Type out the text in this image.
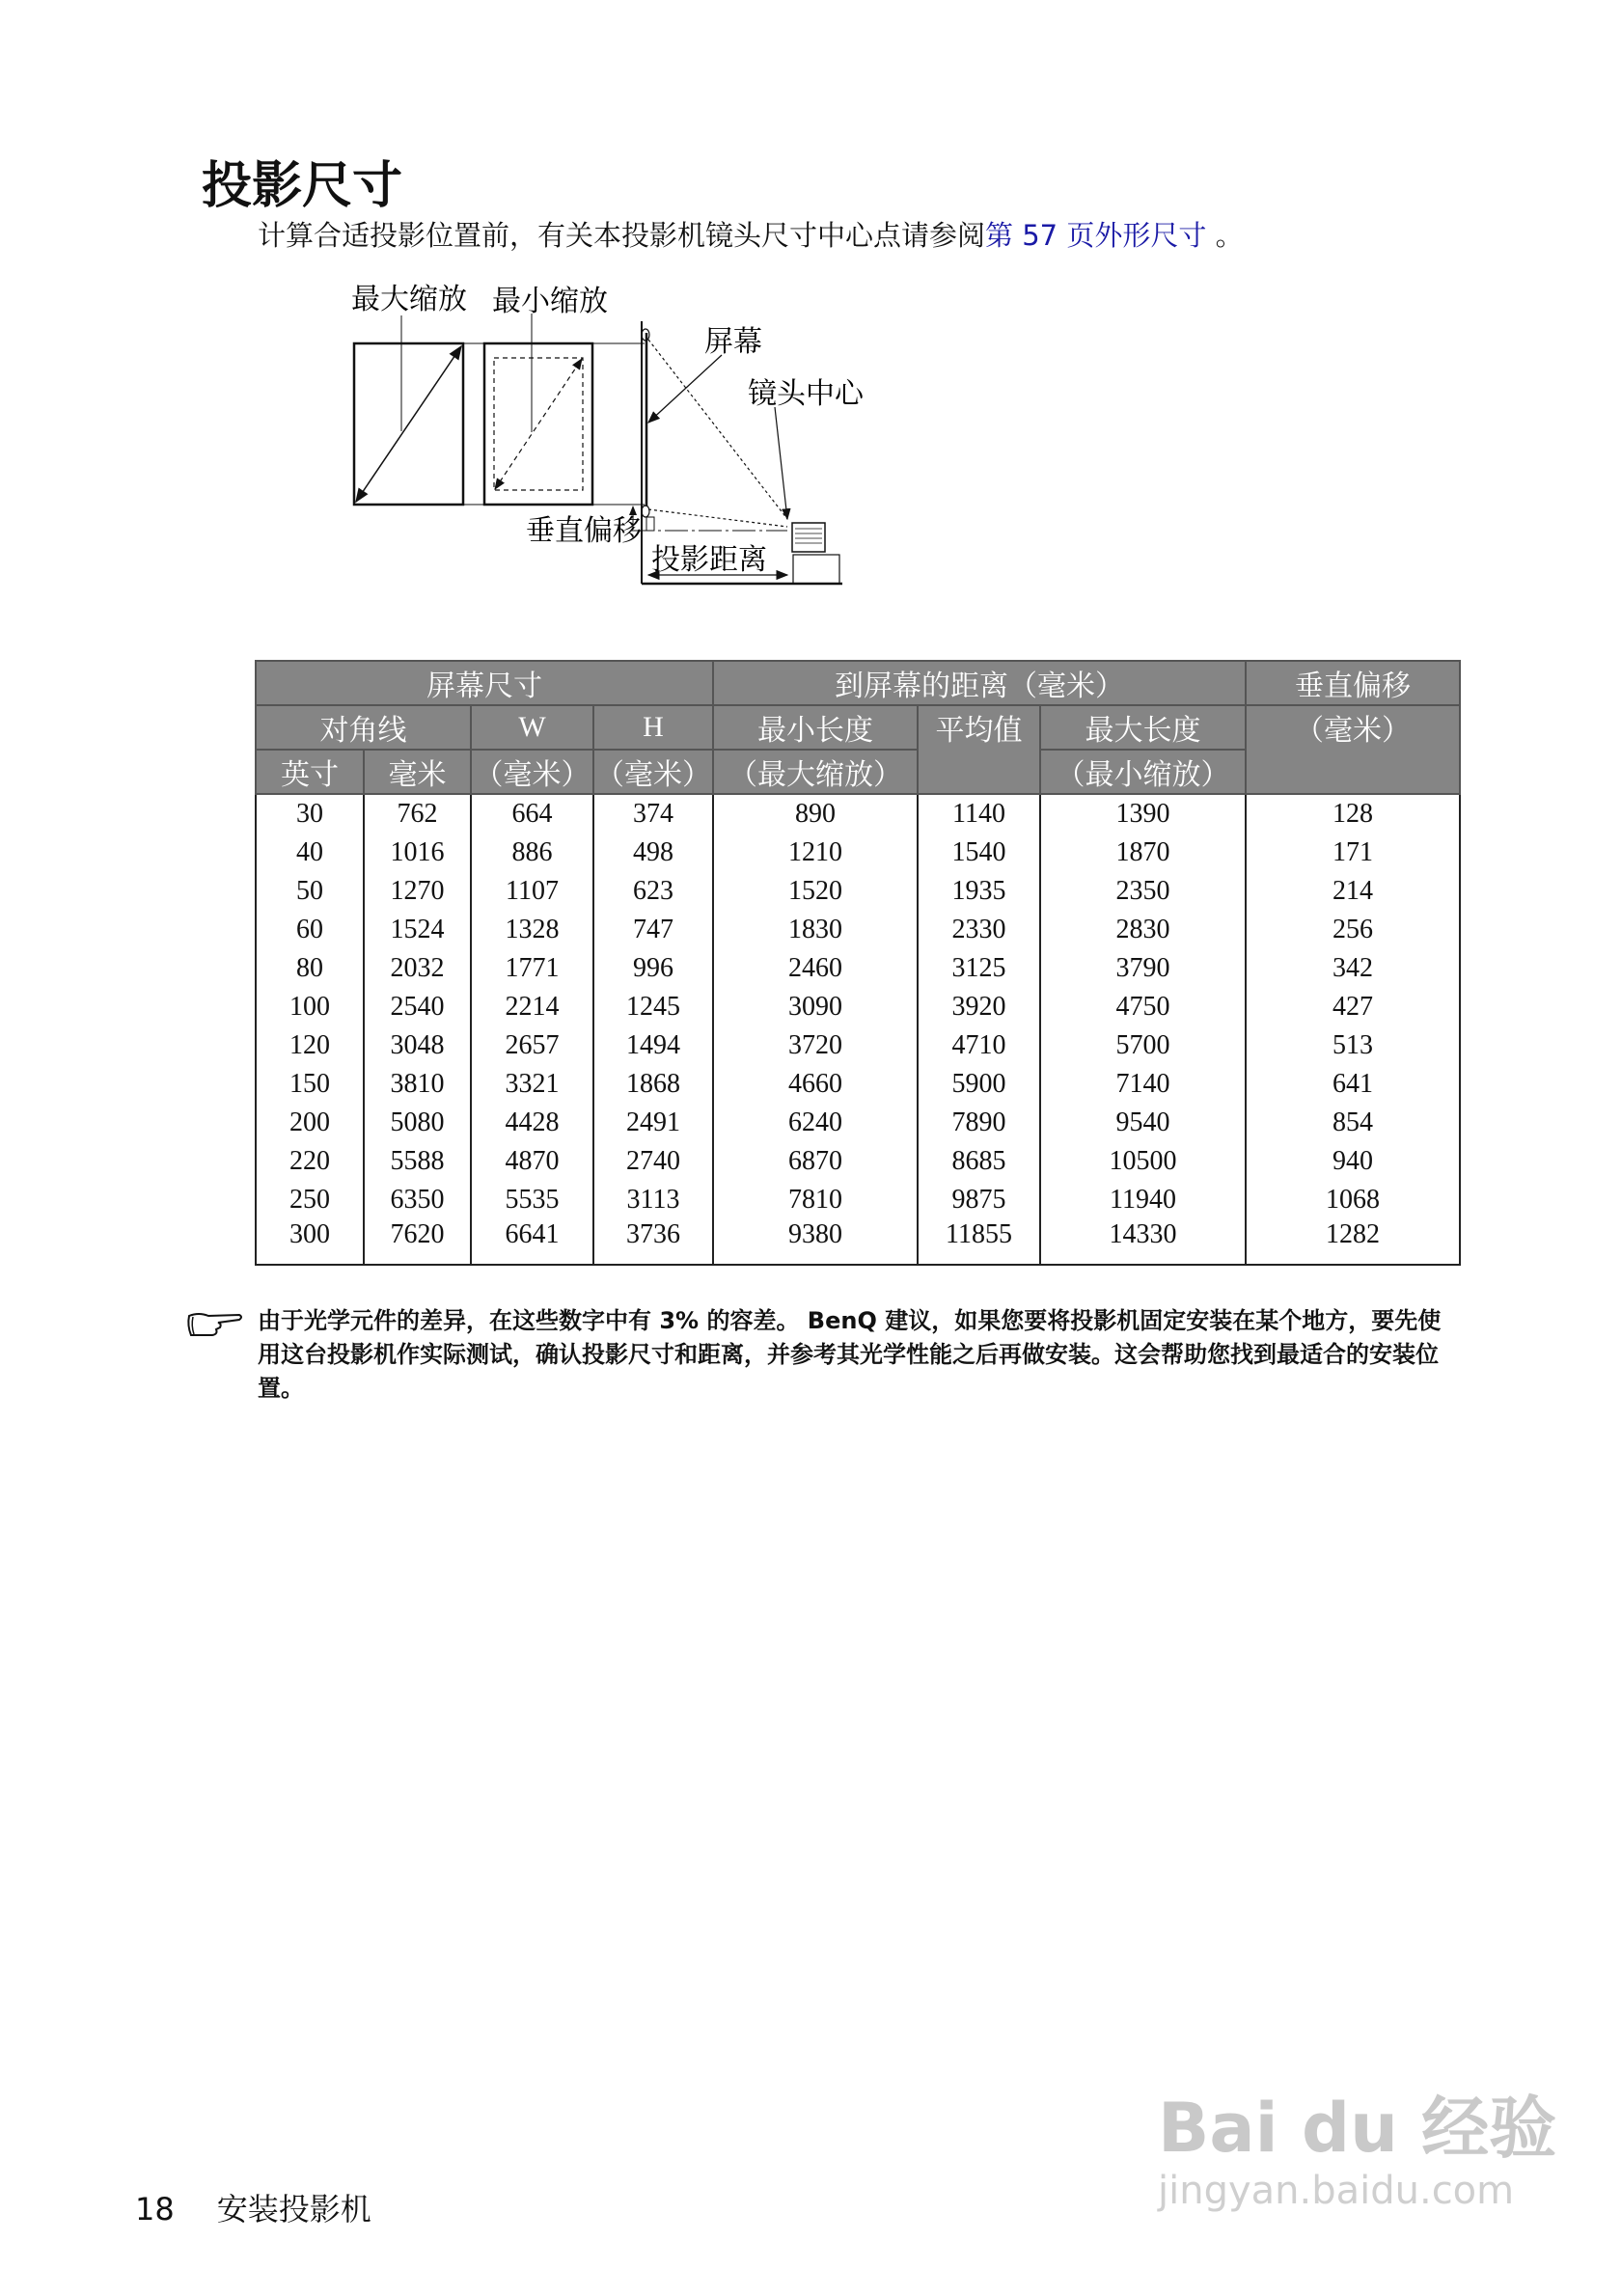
投影尺寸
计算合适投影位置前，有关本投影机镜头尺寸中心点请参阅第 57 页外形尺寸 。
最大缩放 最小缩放
屏幕
镜头中心
垂直偏移
投影距离
屏幕尺寸				到屏幕的距离（毫米）			垂直偏移
对角线		W	H	最小长度	平均值	最大长度	（毫米）
英寸	毫米	（毫米）	（毫米）	（最大缩放）		（最小缩放）	
30	762	664	374	890	1140	1390	128
40	1016	886	498	1210	1540	1870	171
50	1270	1107	623	1520	1935	2350	214
60	1524	1328	747	1830	2330	2830	256
80	2032	1771	996	2460	3125	3790	342
100	2540	2214	1245	3090	3920	4750	427
120	3048	2657	1494	3720	4710	5700	513
150	3810	3321	1868	4660	5900	7140	641
200	5080	4428	2491	6240	7890	9540	854
220	5588	4870	2740	6870	8685	10500	940
250	6350	5535	3113	7810	9875	11940	1068
300	7620	6641	3736	9380	11855	14330	1282
由于光学元件的差异，在这些数字中有 3% 的容差。 BenQ 建议，如果您要将投影机固定安装在某个地方，要先使用这台投影机作实际测试，确认投影尺寸和距离，并参考其光学性能之后再做安装。这会帮助您找到最适合的安装位置。
18 安装投影机
Bai du 经验
jingyan.baidu.com
